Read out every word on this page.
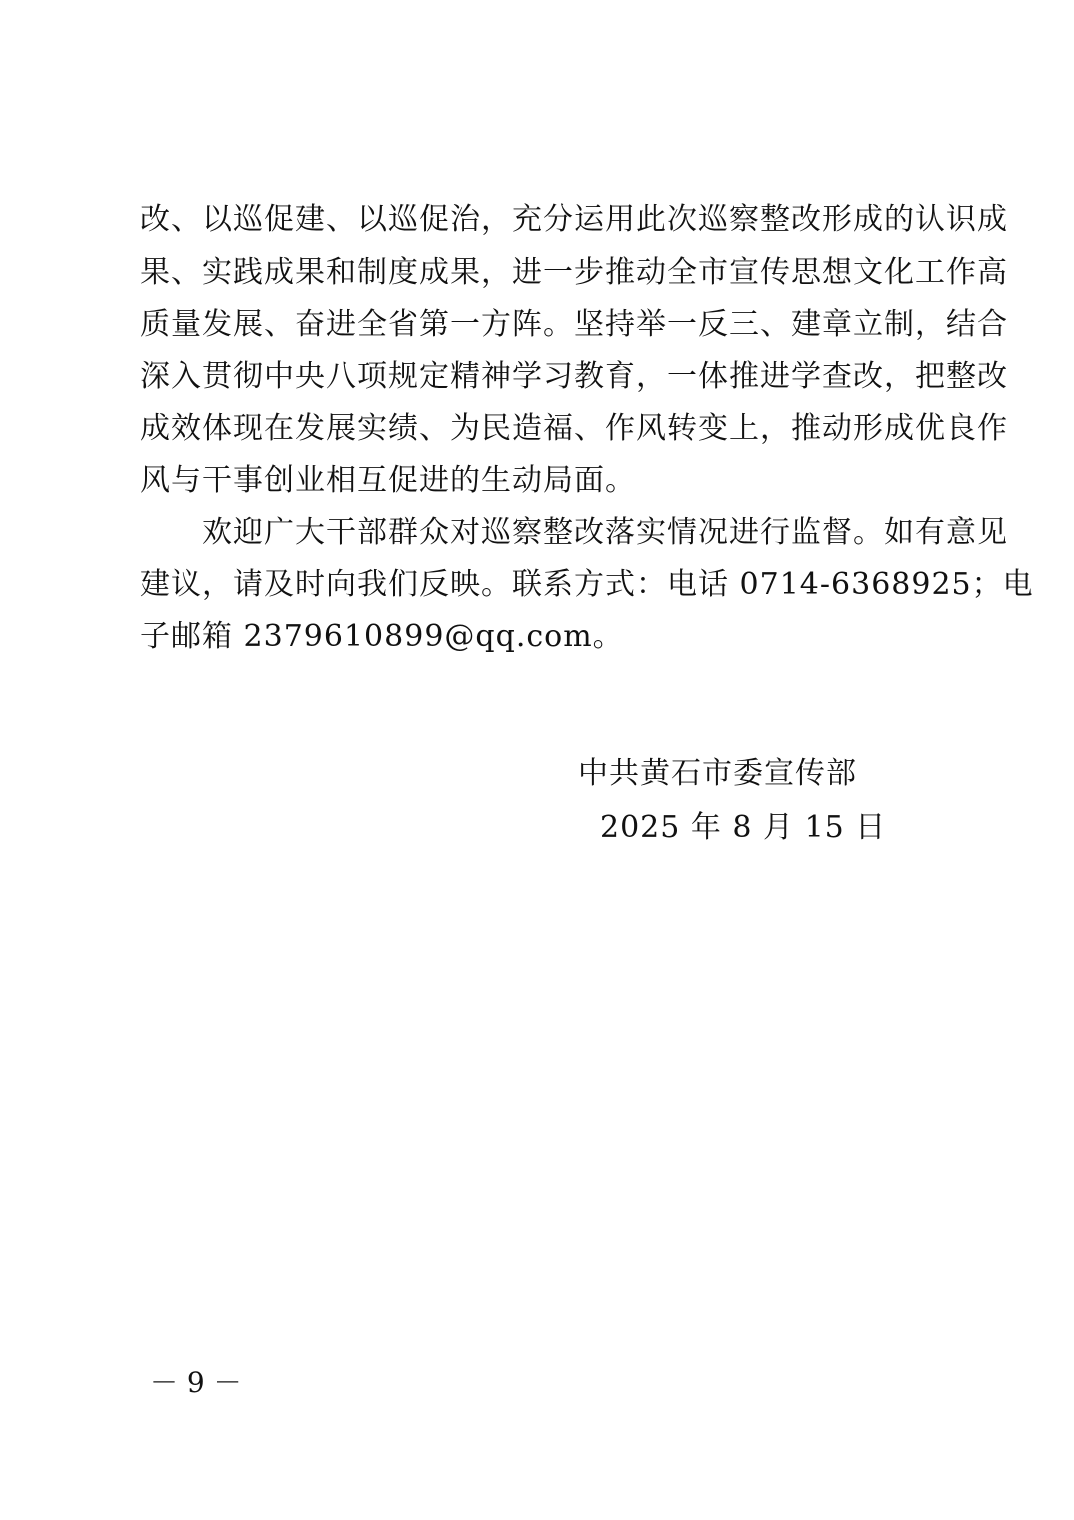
改、以巡促建、以巡促治，充分运用此次巡察整改形成的认识成
果、实践成果和制度成果，进一步推动全市宣传思想文化工作高
质量发展、奋进全省第一方阵。坚持举一反三、建章立制，结合
深入贯彻中央八项规定精神学习教育，一体推进学查改，把整改
成效体现在发展实绩、为民造福、作风转变上，推动形成优良作
风与干事创业相互促进的生动局面。
欢迎广大干部群众对巡察整改落实情况进行监督。如有意见
建议，请及时向我们反映。联系方式：电话 0714-6368925；电
子邮箱 2379610899@qq.com。
中共黄石市委宣传部
2025 年 8 月 15 日
－ 9 －
